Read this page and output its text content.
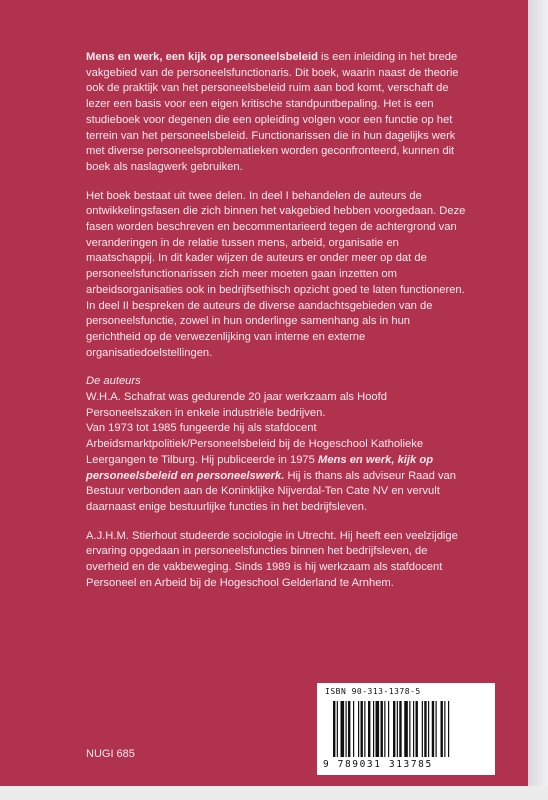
Mens en werk, een kijk op personeelsbeleid is een inleiding in het brede vakgebied van de personeelsfunctionaris. Dit boek, waarin naast de theorie ook de praktijk van het personeelsbeleid ruim aan bod komt, verschaft de lezer een basis voor een eigen kritische standpuntbepaling. Het is een studieboek voor degenen die een opleiding volgen voor een functie op het terrein van het personeelsbeleid. Functionarissen die in hun dagelijks werk met diverse personeelsproblematieken worden geconfronteerd, kunnen dit boek als naslagwerk gebruiken.

Het boek bestaat uit twee delen. In deel I behandelen de auteurs de ontwikkelingsfasen die zich binnen het vakgebied hebben voorgedaan. Deze fasen worden beschreven en becommentarieerd tegen de achtergrond van veranderingen in de relatie tussen mens, arbeid, organisatie en maatschappij. In dit kader wijzen de auteurs er onder meer op dat de personeelsfunctionarissen zich meer moeten gaan inzetten om arbeidsorganisaties ook in bedrijfsethisch opzicht goed te laten functioneren.

In deel II bespreken de auteurs de diverse aandachtsgebieden van de personeelsfunctie, zowel in hun onderlinge samenhang als in hun gerichtheid op de verwezenlijking van interne en externe organisatiedoelstellingen.

De auteurs

W.H.A. Schafrat was gedurende 20 jaar werkzaam als Hoofd Personeelszaken in enkele industriële bedrijven.

Van 1973 tot 1985 fungeerde hij als stafdocent Arbeidsmarktpolitiek/Personeelsbeleid bij de Hogeschool Katholieke Leergangen te Tilburg. Hij publiceerde in 1975 Mens en werk, kijk op personeelsbeleid en personeelswerk. Hij is thans als adviseur Raad van Bestuur verbonden aan de Koninklijke Nijverdal-Ten Cate NV en vervult daarnaast enige bestuurlijke functies in het bedrijfsleven.

A.J.H.M. Stierhout studeerde sociologie in Utrecht. Hij heeft een veelzijdige ervaring opgedaan in personeelsfuncties binnen het bedrijfsleven, de overheid en de vakbeweging. Sinds 1989 is hij werkzaam als stafdocent Personeel en Arbeid bij de Hogeschool Gelderland te Arnhem.

ISBN 90-313-1378-5
9 789031 313785
NUGI 685
